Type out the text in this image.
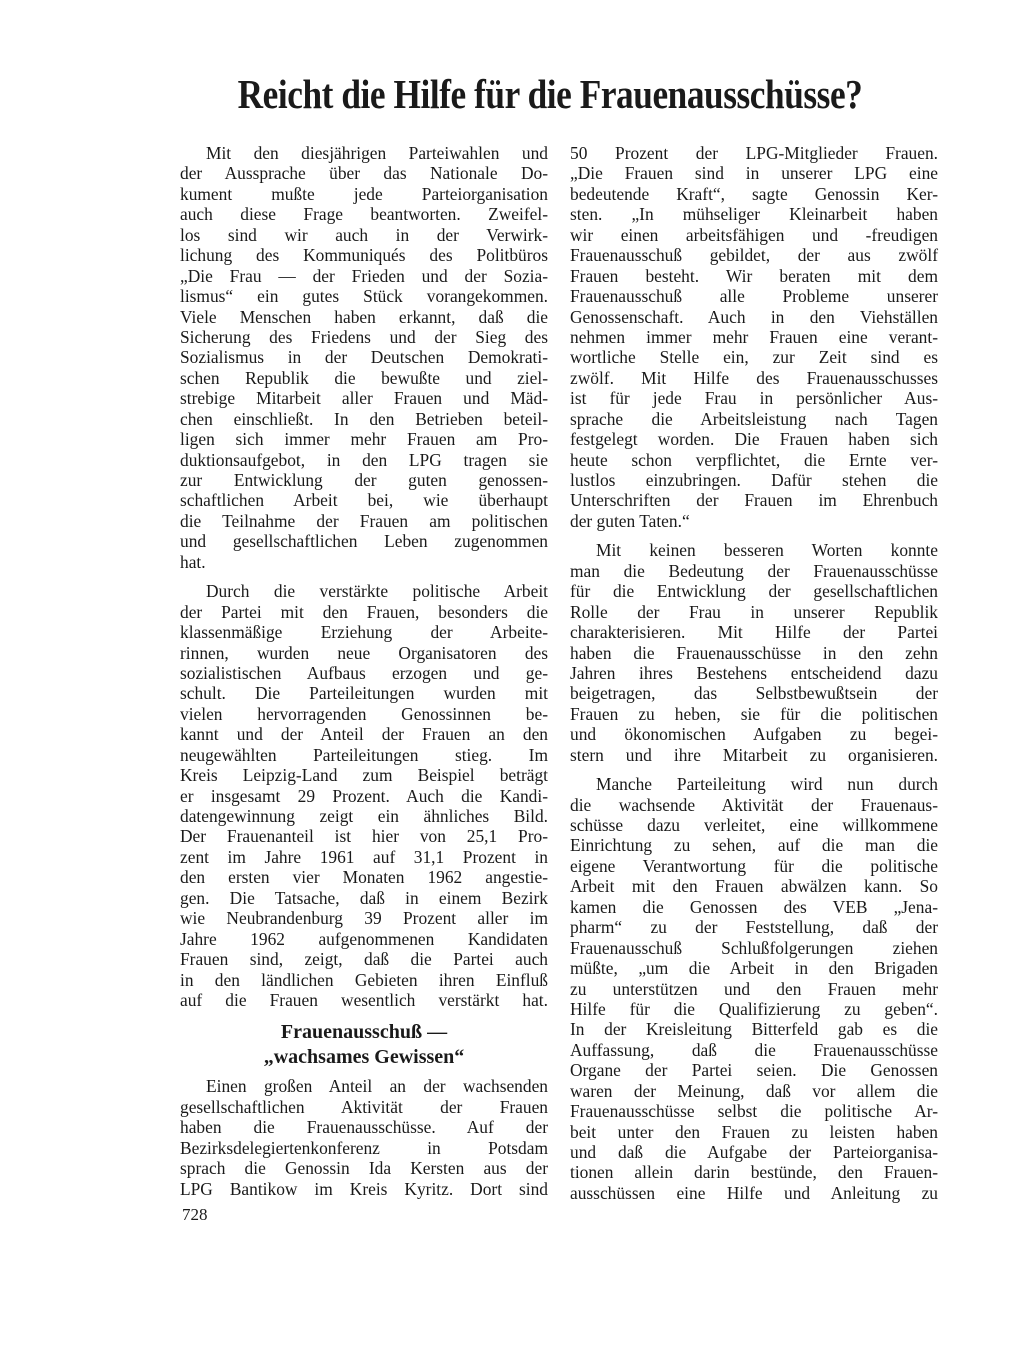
Reicht die Hilfe für die Frauenausschüsse?
Mit den diesjährigen Parteiwahlen und
der Aussprache über das Nationale Do-
kument mußte jede Parteiorganisation
auch diese Frage beantworten. Zweifel-
los sind wir auch in der Verwirk-
lichung des Kommuniqués des Politbüros
„Die Frau — der Frieden und der Sozia-
lismus“ ein gutes Stück vorangekommen.
Viele Menschen haben erkannt, daß die
Sicherung des Friedens und der Sieg des
Sozialismus in der Deutschen Demokrati-
schen Republik die bewußte und ziel-
strebige Mitarbeit aller Frauen und Mäd-
chen einschließt. In den Betrieben beteil-
ligen sich immer mehr Frauen am Pro-
duktionsaufgebot, in den LPG tragen sie
zur Entwicklung der guten genossen-
schaftlichen Arbeit bei, wie überhaupt
die Teilnahme der Frauen am politischen
und gesellschaftlichen Leben zugenommen
hat.
Durch die verstärkte politische Arbeit
der Partei mit den Frauen, besonders die
klassenmäßige Erziehung der Arbeite-
rinnen, wurden neue Organisatoren des
sozialistischen Aufbaus erzogen und ge-
schult. Die Parteileitungen wurden mit
vielen hervorragenden Genossinnen be-
kannt und der Anteil der Frauen an den
neugewählten Parteileitungen stieg. Im
Kreis Leipzig-Land zum Beispiel beträgt
er insgesamt 29 Prozent. Auch die Kandi-
datengewinnung zeigt ein ähnliches Bild.
Der Frauenanteil ist hier von 25,1 Pro-
zent im Jahre 1961 auf 31,1 Prozent in
den ersten vier Monaten 1962 angestie-
gen. Die Tatsache, daß in einem Bezirk
wie Neubrandenburg 39 Prozent aller im
Jahre 1962 aufgenommenen Kandidaten
Frauen sind, zeigt, daß die Partei auch
in den ländlichen Gebieten ihren Einfluß
auf die Frauen wesentlich verstärkt hat.
Frauenausschuß —
„wachsames Gewissen“
Einen großen Anteil an der wachsenden
gesellschaftlichen Aktivität der Frauen
haben die Frauenausschüsse. Auf der
Bezirksdelegiertenkonferenz in Potsdam
sprach die Genossin Ida Kersten aus der
LPG Bantikow im Kreis Kyritz. Dort sind
50 Prozent der LPG-Mitglieder Frauen.
„Die Frauen sind in unserer LPG eine
bedeutende Kraft“, sagte Genossin Ker-
sten. „In mühseliger Kleinarbeit haben
wir einen arbeitsfähigen und -freudigen
Frauenausschuß gebildet, der aus zwölf
Frauen besteht. Wir beraten mit dem
Frauenausschuß alle Probleme unserer
Genossenschaft. Auch in den Viehställen
nehmen immer mehr Frauen eine verant-
wortliche Stelle ein, zur Zeit sind es
zwölf. Mit Hilfe des Frauenausschusses
ist für jede Frau in persönlicher Aus-
sprache die Arbeitsleistung nach Tagen
festgelegt worden. Die Frauen haben sich
heute schon verpflichtet, die Ernte ver-
lustlos einzubringen. Dafür stehen die
Unterschriften der Frauen im Ehrenbuch
der guten Taten.“
Mit keinen besseren Worten konnte
man die Bedeutung der Frauenausschüsse
für die Entwicklung der gesellschaftlichen
Rolle der Frau in unserer Republik
charakterisieren. Mit Hilfe der Partei
haben die Frauenausschüsse in den zehn
Jahren ihres Bestehens entscheidend dazu
beigetragen, das Selbstbewußtsein der
Frauen zu heben, sie für die politischen
und ökonomischen Aufgaben zu begei-
stern und ihre Mitarbeit zu organisieren.
Manche Parteileitung wird nun durch
die wachsende Aktivität der Frauenaus-
schüsse dazu verleitet, eine willkommene
Einrichtung zu sehen, auf die man die
eigene Verantwortung für die politische
Arbeit mit den Frauen abwälzen kann. So
kamen die Genossen des VEB „Jena-
pharm“ zu der Feststellung, daß der
Frauenausschuß Schlußfolgerungen ziehen
müßte, „um die Arbeit in den Brigaden
zu unterstützen und den Frauen mehr
Hilfe für die Qualifizierung zu geben“.
In der Kreisleitung Bitterfeld gab es die
Auffassung, daß die Frauenausschüsse
Organe der Partei seien. Die Genossen
waren der Meinung, daß vor allem die
Frauenausschüsse selbst die politische Ar-
beit unter den Frauen zu leisten haben
und daß die Aufgabe der Parteiorganisa-
tionen allein darin bestünde, den Frauen-
ausschüssen eine Hilfe und Anleitung zu
728
